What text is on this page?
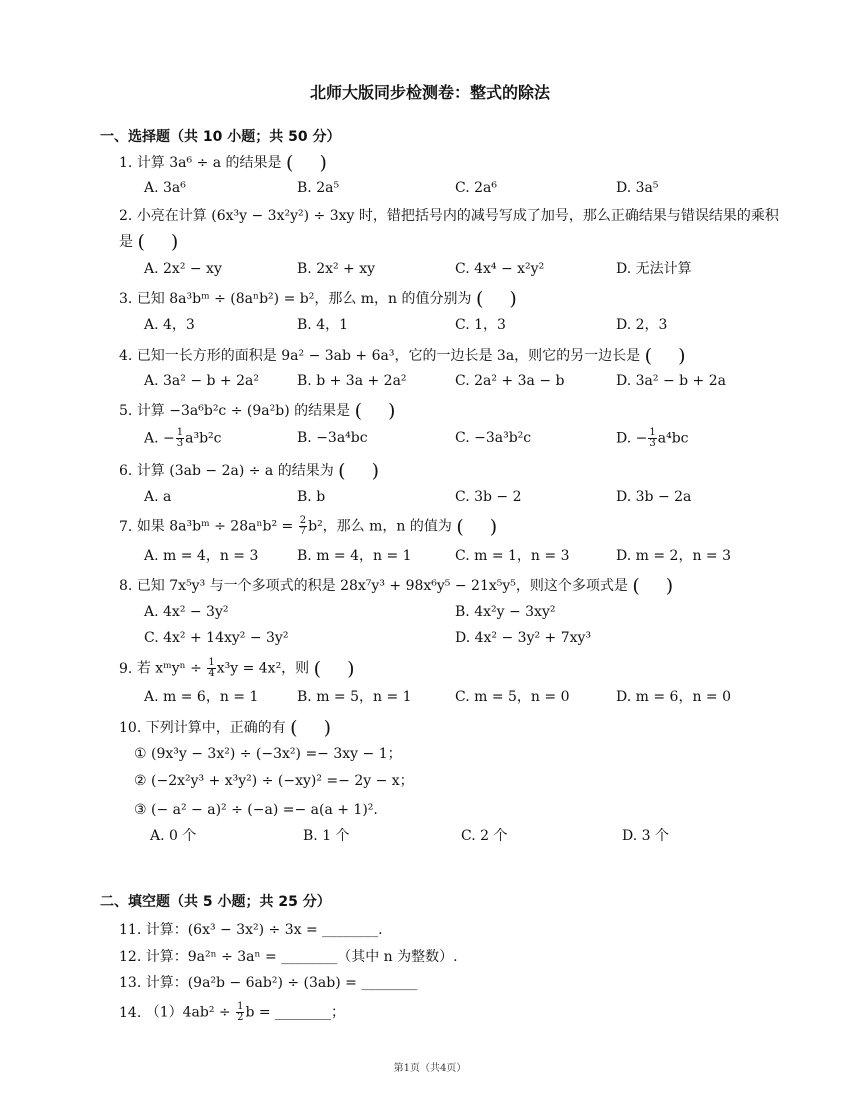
北师大版同步检测卷：整式的除法
一、选择题（共 10 小题；共 50 分）
1. 计算 3a⁶ ÷ a 的结果是 ( )
A. 3a⁶	B. 2a⁵	C. 2a⁶	D. 3a⁵
2. 小亮在计算 (6x³y − 3x²y²) ÷ 3xy 时，错把括号内的减号写成了加号，那么正确结果与错误结果的乘积是 ( )
A. 2x² − xy	B. 2x² + xy	C. 4x⁴ − x²y²	D. 无法计算
3. 已知 8a³bᵐ ÷ (8aⁿb²) = b²，那么 m，n 的值分别为 ( )
A. 4，3	B. 4，1	C. 1，3	D. 2，3
4. 已知一长方形的面积是 9a² − 3ab + 6a³，它的一边长是 3a，则它的另一边长是 ( )
A. 3a² − b + 2a²	B. b + 3a + 2a²	C. 2a² + 3a − b	D. 3a² − b + 2a
5. 计算 −3a⁶b²c ÷ (9a²b) 的结果是 ( )
A. − $\frac{1}{3} a^3b^2c$	B. −3a⁴bc	C. −3a³b²c	D. − $\frac{1}{3} a^4bc$
6. 计算 (3ab − 2a) ÷ a 的结果为 ( )
A. a	B. b	C. 3b − 2	D. 3b − 2a
7. 如果 8a³bᵐ ÷ $28a^nb^2 = \frac{2}{7} b^2$，那么 m，n 的值为 ( )
A. m = 4，n = 3	B. m = 4，n = 1	C. m = 1，n = 3	D. m = 2，n = 3
8. 已知 7x⁵y³ 与一个多项式的积是 28x⁷y³ + 98x⁶y⁵ − 21x⁵y⁵，则这个多项式是 ( )
A. 4x² − 3y²	B. 4x²y − 3xy²
C. 4x² + 14xy² − 3y²	D. 4x² − 3y² + 7xy³
9. 若 xᵐyⁿ ÷ $\frac{1}{4} x^3y = 4x^2$，则 ( )
A. m = 6，n = 1	B. m = 5，n = 1	C. m = 5，n = 0	D. m = 6，n = 0
10. 下列计算中，正确的有 ( )
① (9x³y − 3x²) ÷ (−3x²) =− 3xy − 1；
② (−2x²y³ + x³y²) ÷ (−xy)² =− 2y − x；
③ (− a² − a)² ÷ (−a) =− a(a + 1)².
A. 0 个	B. 1 个	C. 2 个	D. 3 个
二、填空题（共 5 小题；共 25 分）
11. 计算：(6x³ − 3x²) ÷ 3x = ________.
12. 计算：9a²ⁿ ÷ 3aⁿ = ________（其中 n 为整数）.
13. 计算：(9a²b − 6ab²) ÷ (3ab) = ________
14. $(1)4ab^2 \div \frac{1}{2}$ b = ________；
第1页（共4页）
